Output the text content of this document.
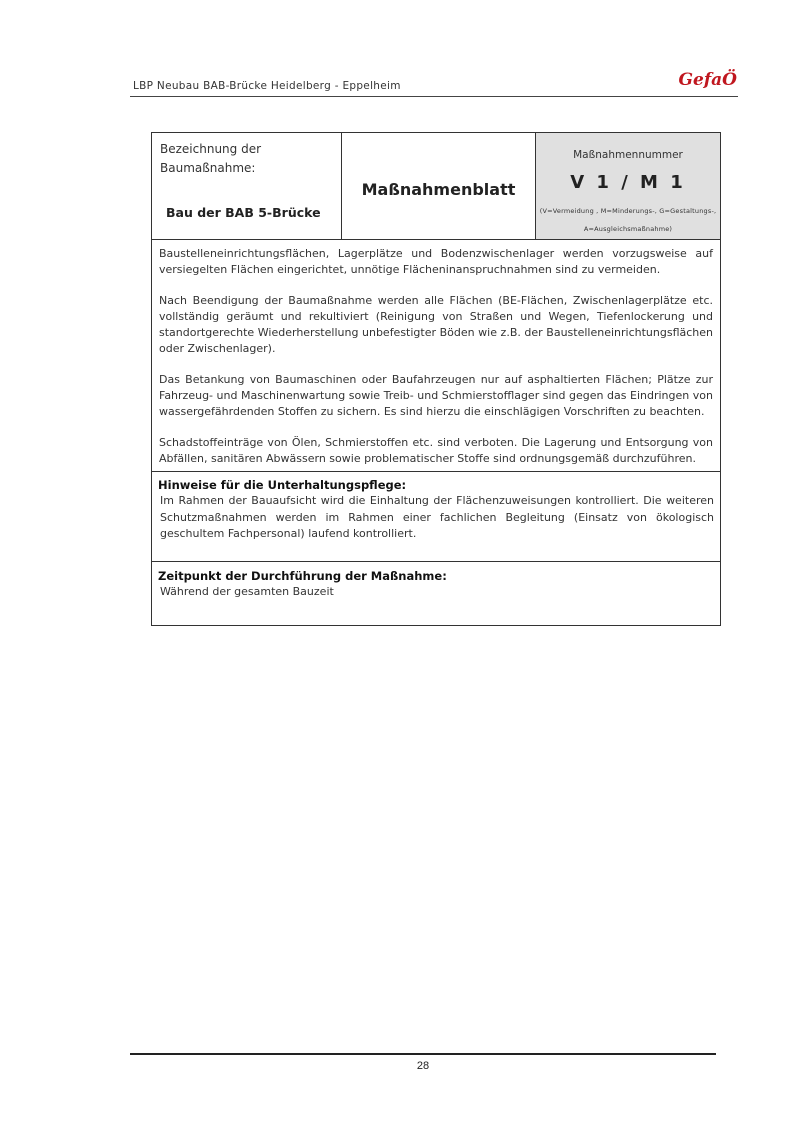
LBP Neubau BAB-Brücke Heidelberg - Eppelheim	GefaÖ
Bezeichnung der Baumaßnahme:
Bau der BAB 5-Brücke
Maßnahmenblatt
Maßnahmennummer
V 1 / M 1
(V=Vermeidung , M=Minderungs-, G=Gestaltungs-,
A=Ausgleichsmaßnahme)

Baustelleneinrichtungsflächen, Lagerplätze und Bodenzwischenlager werden vorzugsweise auf versiegelten Flächen eingerichtet, unnötige Flächeninanspruchnahmen sind zu vermeiden.

Nach Beendigung der Baumaßnahme werden alle Flächen (BE-Flächen, Zwischenlagerplätze etc. vollständig geräumt und rekultiviert (Reinigung von Straßen und Wegen, Tiefenlockerung und standortgerechte Wiederherstellung unbefestigter Böden wie z.B. der Baustelleneinrichtungsflächen oder Zwischenlager).

Das Betankung von Baumaschinen oder Baufahrzeugen nur auf asphaltierten Flächen; Plätze zur Fahrzeug- und Maschinenwartung sowie Treib- und Schmierstofflager sind gegen das Eindringen von wassergefährdenden Stoffen zu sichern. Es sind hierzu die einschlägigen Vorschriften zu beachten.

Schadstoffeinträge von Ölen, Schmierstoffen etc. sind verboten. Die Lagerung und Entsorgung von Abfällen, sanitären Abwässern sowie problematischer Stoffe sind ordnungsgemäß durchzuführen.

Hinweise für die Unterhaltungspflege:

Im Rahmen der Bauaufsicht wird die Einhaltung der Flächenzuweisungen kontrolliert. Die weiteren Schutzmaßnahmen werden im Rahmen einer fachlichen Begleitung (Einsatz von ökologisch geschultem Fachpersonal) laufend kontrolliert.

Zeitpunkt der Durchführung der Maßnahme:

Während der gesamten Bauzeit

28
